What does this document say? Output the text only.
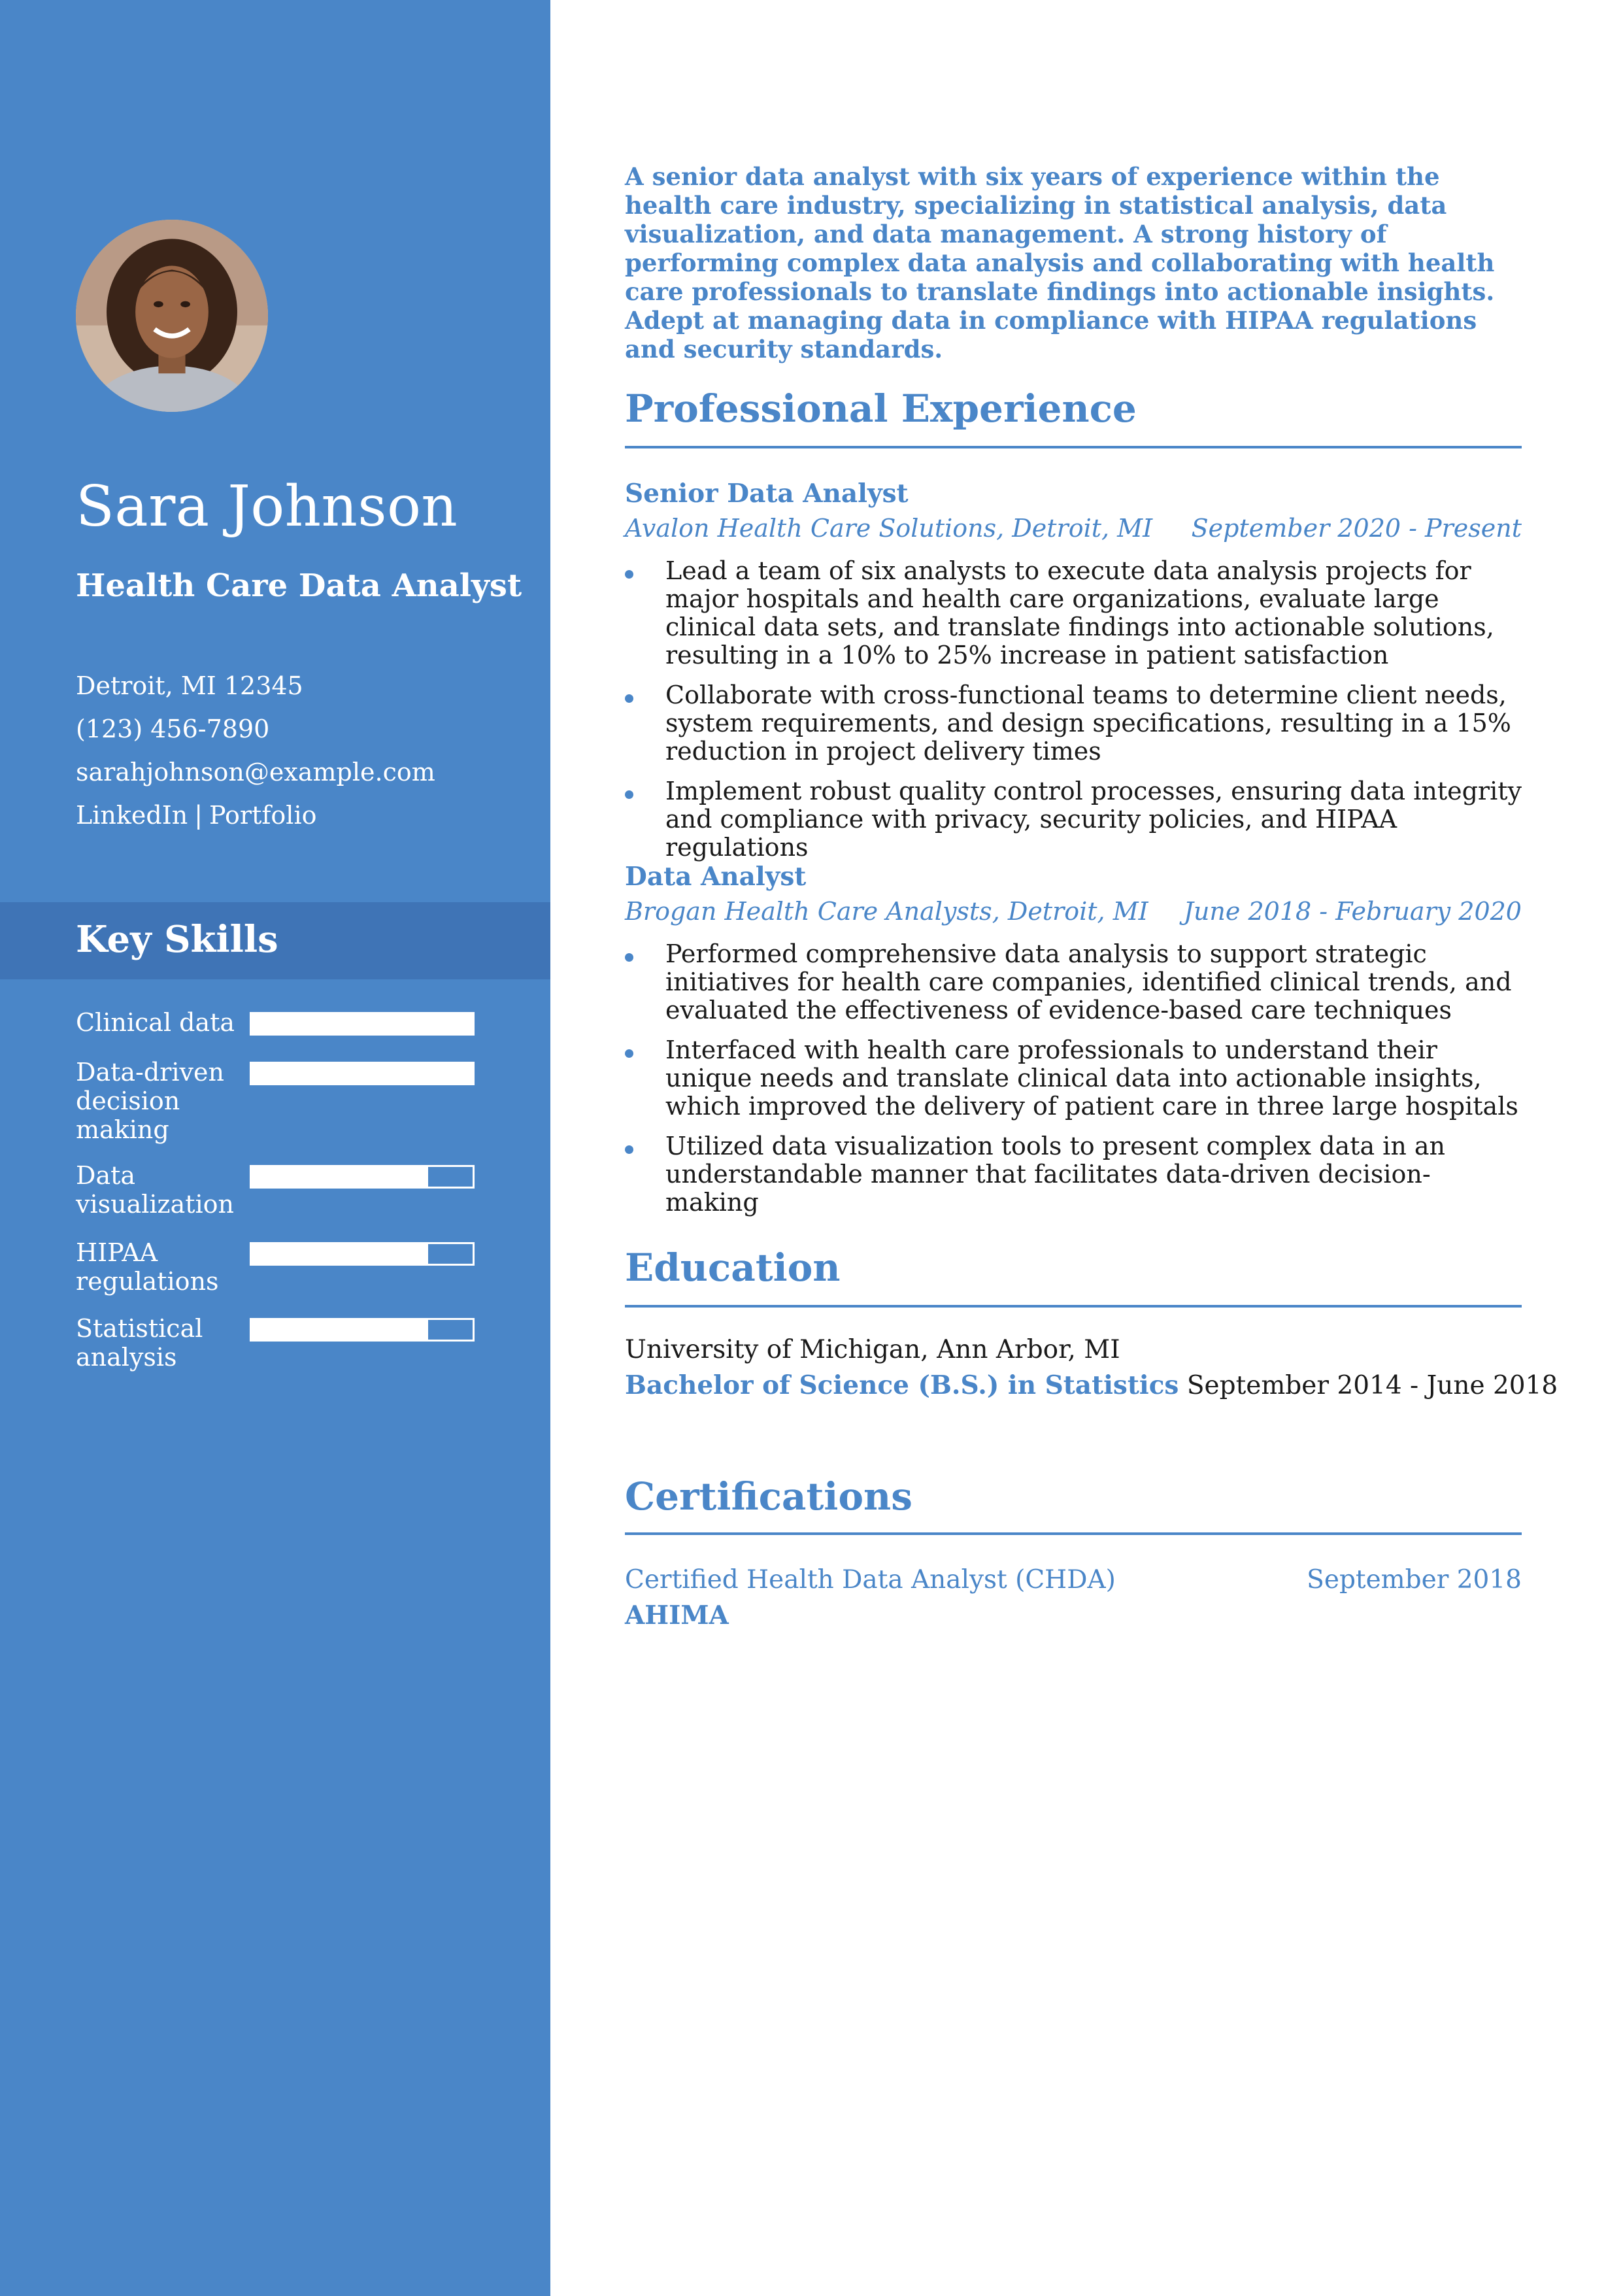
Sara Johnson
Health Care Data Analyst
Detroit, MI 12345
(123) 456-7890
sarahjohnson@example.com
LinkedIn | Portfolio
Key Skills
Clinical data
Data-driven decision making
Data visualization
HIPAA regulations
Statistical analysis

A senior data analyst with six years of experience within the health care industry, specializing in statistical analysis, data visualization, and data management. A strong history of performing complex data analysis and collaborating with health care professionals to translate findings into actionable insights. Adept at managing data in compliance with HIPAA regulations and security standards.

Professional Experience
Senior Data Analyst
Avalon Health Care Solutions, Detroit, MI September 2020 - Present
Lead a team of six analysts to execute data analysis projects for major hospitals and health care organizations, evaluate large clinical data sets, and translate findings into actionable solutions, resulting in a 10% to 25% increase in patient satisfaction
Collaborate with cross-functional teams to determine client needs, system requirements, and design specifications, resulting in a 15% reduction in project delivery times
Implement robust quality control processes, ensuring data integrity and compliance with privacy, security policies, and HIPAA regulations
Data Analyst
Brogan Health Care Analysts, Detroit, MI June 2018 - February 2020
Performed comprehensive data analysis to support strategic initiatives for health care companies, identified clinical trends, and evaluated the effectiveness of evidence-based care techniques
Interfaced with health care professionals to understand their unique needs and translate clinical data into actionable insights, which improved the delivery of patient care in three large hospitals
Utilized data visualization tools to present complex data in an understandable manner that facilitates data-driven decision-making
Education
University of Michigan, Ann Arbor, MI
Bachelor of Science (B.S.) in Statistics September 2014 - June 2018
Certifications
Certified Health Data Analyst (CHDA)	September 2018
AHIMA
